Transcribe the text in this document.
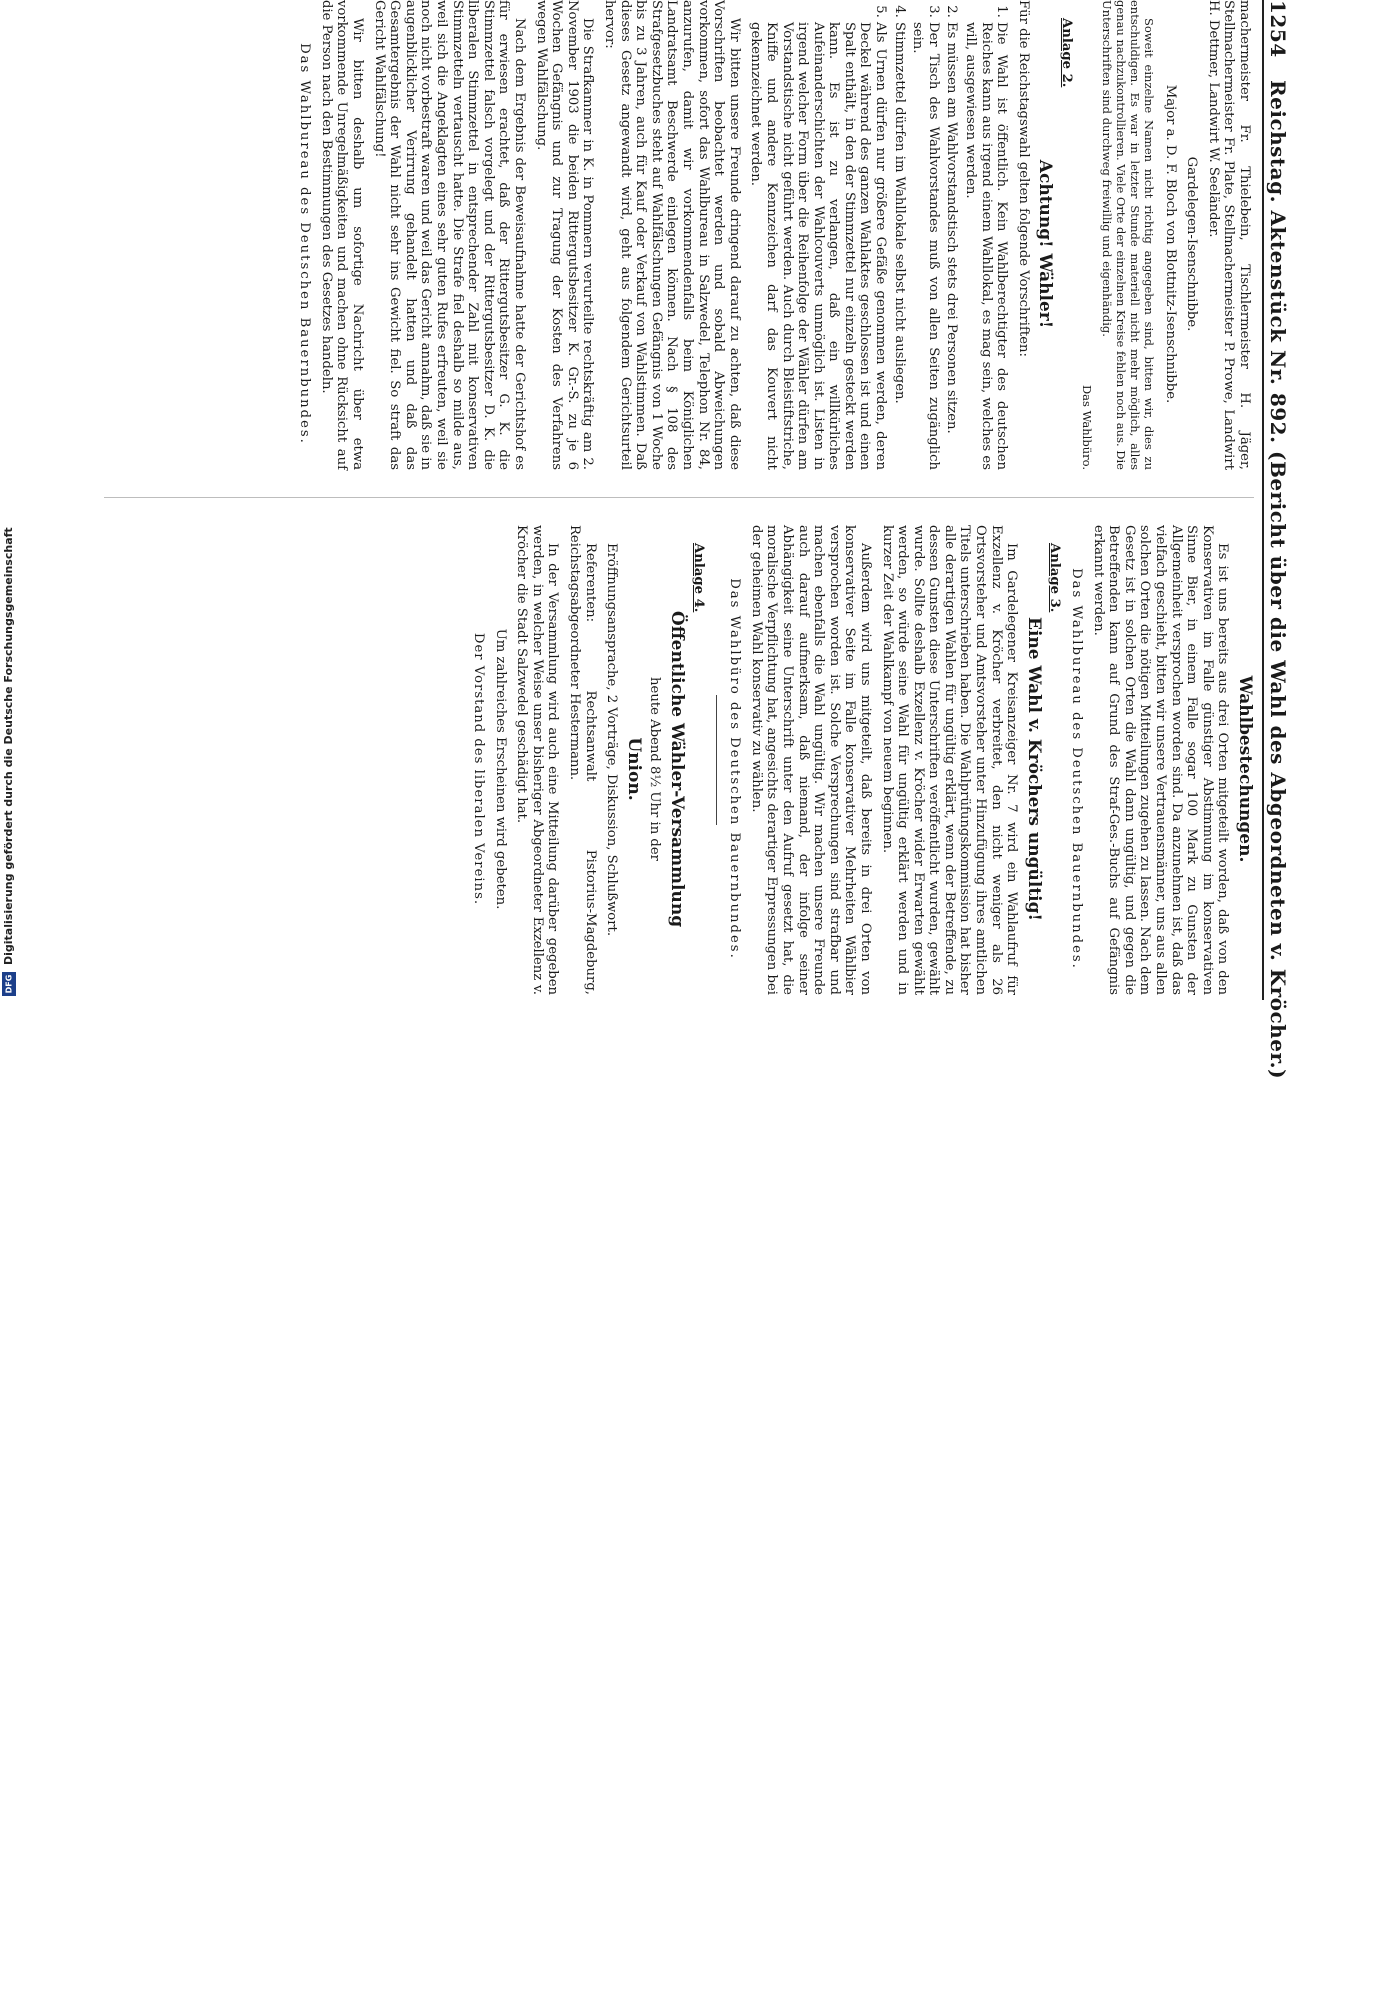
1254
Reichstag. Aktenstück Nr. 892. (Bericht über die Wahl des Abgeordneten v. Kröcher.)

machermeister Fr. Thielebein, Tischlermeister H. Jäger, Stellmachermeister Fr. Plate, Stellmachermeister P. Prowe, Landwirt H. Dettmer, Landwirt W. Seeländer.

Gardelegen-Isenschnibbe.

Major a. D. F. Bloch von Blottnitz-Isenschnibbe.

Soweit einzelne Namen nicht richtig angegeben sind, bitten wir, dies zu entschuldigen. Es war in letzter Stunde materiell nicht mehr möglich, alles genau nachzukontrollieren. Viele Orte der einzelnen Kreise fehlen noch aus. Die Unterschriften sind durchweg freiwillig und eigenhändig.

Das Wahlbüro.

Anlage 2.

Achtung! Wähler!

Für die Reichstagswahl gelten folgende Vorschriften:

1. Die Wahl ist öffentlich. Kein Wahlberechtigter des deutschen Reiches kann aus irgend einem Wahllokal, es mag sein, welches es will, ausgewiesen werden.
2. Es müssen am Wahlvorstandstisch stets drei Personen sitzen.
3. Der Tisch des Wahlvorstandes muß von allen Seiten zugänglich sein.
4. Stimmzettel dürfen im Wahllokale selbst nicht ausliegen.
5. Als Urnen dürfen nur größere Gefäße genommen werden, deren Deckel während des ganzen Wahlaktes geschlossen ist und einen Spalt enthält, in den der Stimmzettel nur einzeln gesteckt werden kann. Es ist zu verlangen, daß ein willkürliches Aufeinanderschichten der Wahlcouverts unmöglich ist. Listen in irgend welcher Form über die Reihenfolge der Wähler dürfen am Vorstandstische nicht geführt werden. Auch durch Bleistiftstriche, Kniffe und andere Kennzeichen darf das Kouvert nicht gekennzeichnet werden.

Wir bitten unsere Freunde dringend darauf zu achten, daß diese Vorschriften beobachtet werden und sobald Abweichungen vorkommen, sofort das Wahlbureau in Salzwedel, Telephon Nr. 84, anzurufen, damit wir vorkommendenfalls beim Königlichen Landratsamt Beschwerde einlegen können. Nach § 108 des Strafgesetzbuches steht auf Wahlfälschungen Gefängnis von 1 Woche bis zu 3 Jahren, auch für Kauf oder Verkauf von Wahlstimmen. Daß dieses Gesetz angewandt wird, geht aus folgendem Gerichtsurteil hervor:

Die Strafkammer in K. in Pommern verurteilte rechtskräftig am 2. November 1903 die beiden Rittergutsbesitzer K. Gr.-S. zu je 6 Wochen Gefängnis und zur Tragung der Kosten des Verfahrens wegen Wahlfälschung.

Nach dem Ergebnis der Beweisaufnahme hatte der Gerichtshof es für erwiesen erachtet, daß der Rittergutsbesitzer G. K. die Stimmzettel falsch vorgelegt und der Rittergutsbesitzer D. K. die liberalen Stimmzettel in entsprechender Zahl mit konservativen Stimmzetteln vertauscht hatte. Die Strafe fiel deshalb so milde aus, weil sich die Angeklagten eines sehr guten Rufes erfreuten, weil sie noch nicht vorbestraft waren und weil das Gericht annahm, daß sie in augenblicklicher Verirrung gehandelt hatten und daß das Gesamtergebnis der Wahl nicht sehr ins Gewicht fiel. So straft das Gericht Wahlfälschung!

Wir bitten deshalb um sofortige Nachricht über etwa vorkommende Unregelmäßigkeiten und machen ohne Rücksicht auf die Person nach den Bestimmungen des Gesetzes handeln.

Das Wahlbureau des Deutschen Bauernbundes.

Wahlbestechungen.

Es ist uns bereits aus drei Orten mitgeteilt worden, daß von den Konservativen im Falle günstiger Abstimmung im konservativen Sinne Bier, in einem Falle sogar 100 Mark zu Gunsten der Allgemeinheit versprochen worden sind. Da anzunehmen ist, daß das vielfach geschieht, bitten wir unsere Vertrauensmänner, uns aus allen solchen Orten die nötigen Mitteilungen zugehen zu lassen. Nach dem Gesetz ist in solchen Orten die Wahl dann ungültig, und gegen die Betreffenden kann auf Grund des Straf-Ges.-Buchs auf Gefängnis erkannt werden.

Das Wahlbureau des Deutschen Bauernbundes.

Anlage 3.

Eine Wahl v. Kröchers ungültig!

Im Gardelegener Kreisanzeiger Nr. 7 wird ein Wahlaufruf für Exzellenz v. Kröcher verbreitet, den nicht weniger als 26 Ortsvorsteher und Amtsvorsteher unter Hinzufügung ihres amtlichen Titels unterschrieben haben. Die Wahlprüfungskommission hat bisher alle derartigen Wahlen für ungültig erklärt, wenn der Betreffende, zu dessen Gunsten diese Unterschriften veröffentlicht wurden, gewählt wurde. Sollte deshalb Exzellenz v. Kröcher wider Erwarten gewählt werden, so würde seine Wahl für ungültig erklärt werden und in kurzer Zeit der Wahlkampf von neuem beginnen.

Außerdem wird uns mitgeteilt, daß bereits in drei Orten von konservativer Seite im Falle konservativer Mehrheiten Wählbier versprochen worden ist. Solche Versprechungen sind strafbar und machen ebenfalls die Wahl ungültig. Wir machen unsere Freunde auch darauf aufmerksam, daß niemand, der infolge seiner Abhängigkeit seine Unterschrift unter den Aufruf gesetzt hat, die moralische Verpflichtung hat, angesichts derartiger Erpressungen bei der geheimen Wahl konservativ zu wählen.

Das Wahlbüro des Deutschen Bauernbundes.

Anlage 4.

Öffentliche Wähler-Versammlung

heute Abend 8½ Uhr in der

Union.

Eröffnungsansprache, 2 Vorträge, Diskussion, Schlußwort.

Referenten: Rechtsanwalt Pistorius-Magdeburg, Reichstagsabgeordneter Hestermann.

In der Versammlung wird auch eine Mitteilung darüber gegeben werden, in welcher Weise unser bisheriger Abgeordneter Exzellenz v. Kröcher die Stadt Salzwedel geschädigt hat.

Um zahlreiches Erscheinen wird gebeten.

Der Vorstand des liberalen Vereins.

Digitalisierung gefördert durch die Deutsche Forschungsgemeinschaft
DFG
